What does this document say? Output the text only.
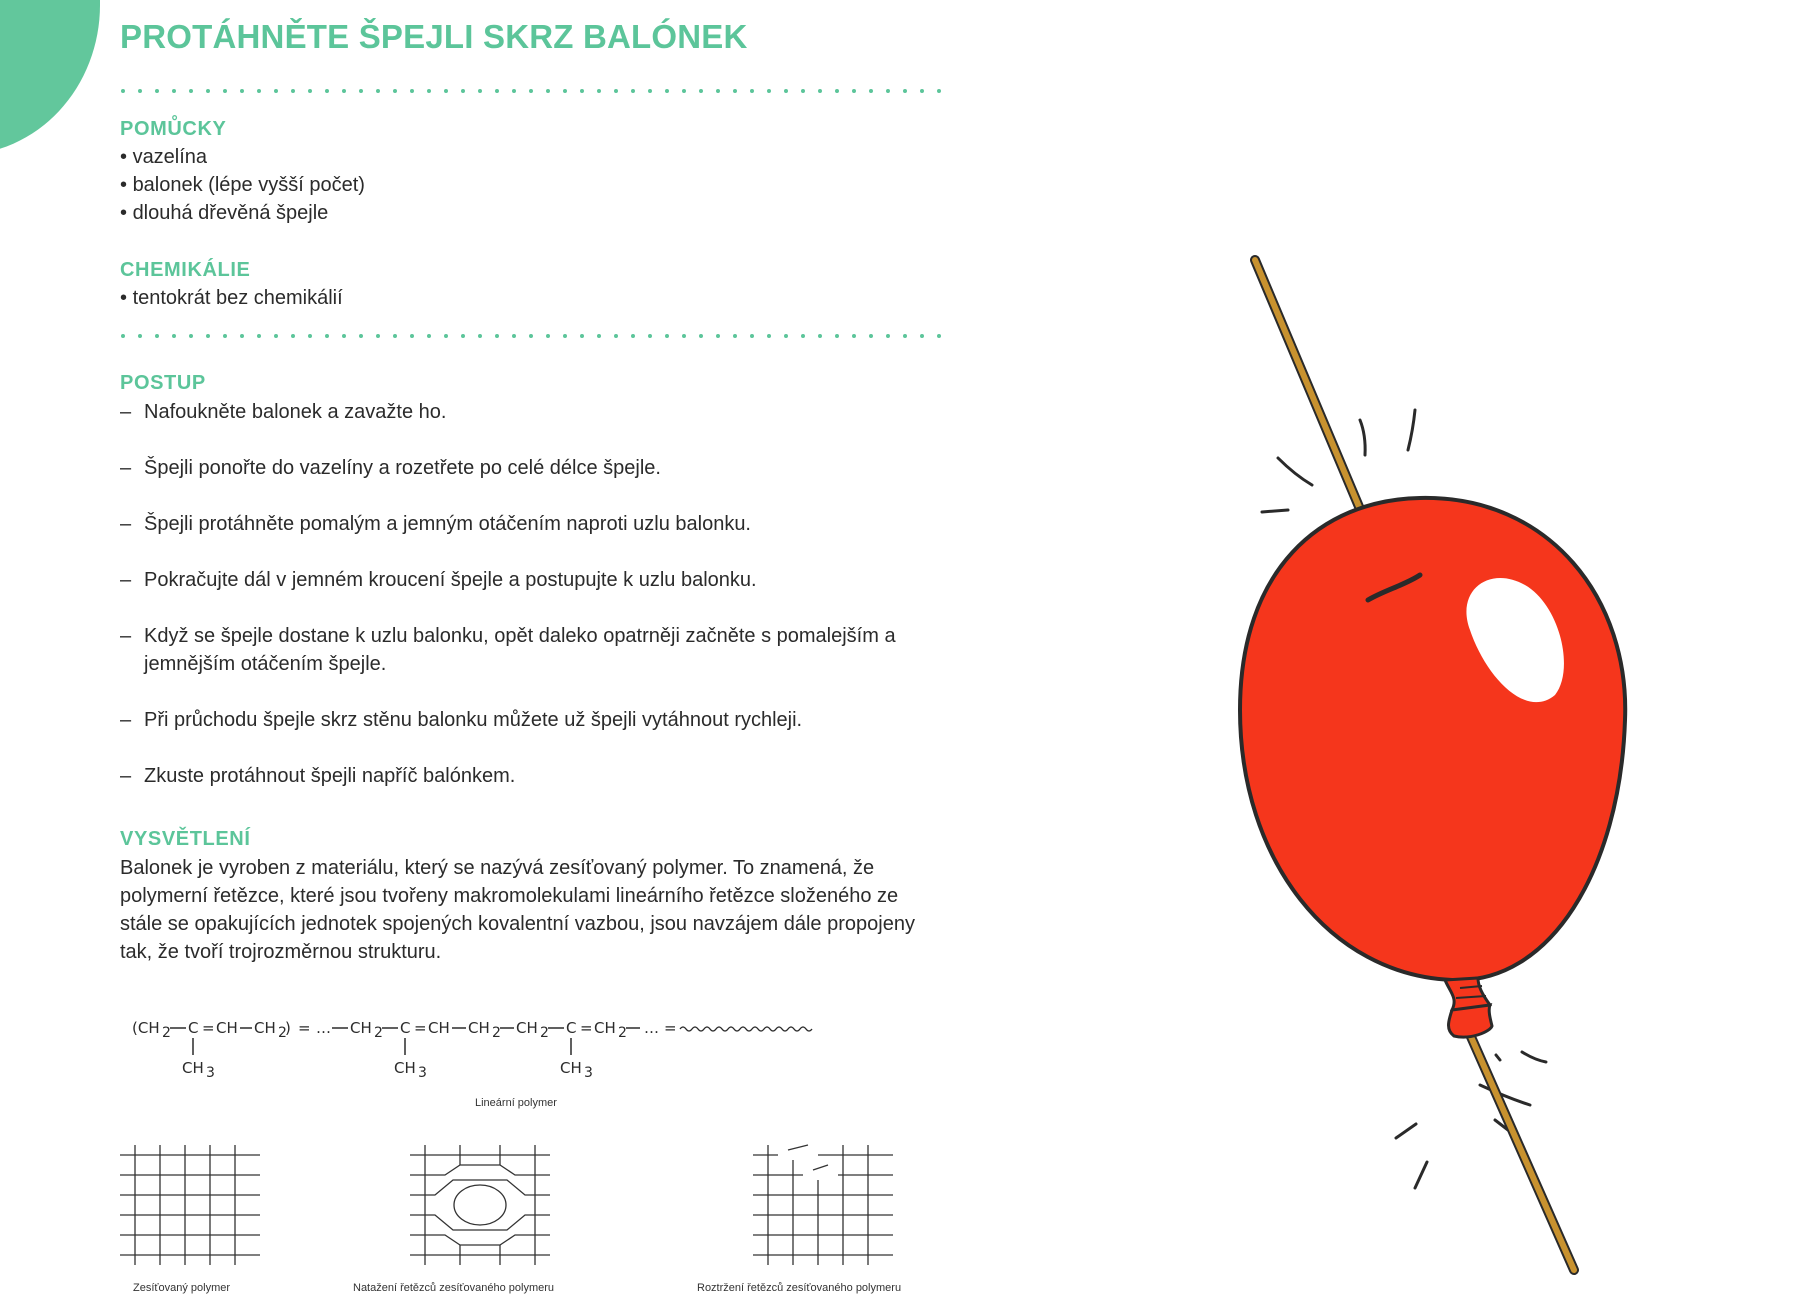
PROTÁHNĚTE ŠPEJLI SKRZ BALÓNEK
POMŮCKY
• vazelína
• balonek (lépe vyšší počet)
• dlouhá dřevěná špejle
CHEMIKÁLIE
• tentokrát bez chemikálií
POSTUP
– Nafoukněte balonek a zavažte ho.
– Špejli ponořte do vazelíny a rozetřete po celé délce špejle.
– Špejli protáhněte pomalým a jemným otáčením naproti uzlu balonku.
– Pokračujte dál v jemném kroucení špejle a postupujte k uzlu balonku.
– Když se špejle dostane k uzlu balonku, opět daleko opatrněji začněte s pomalejším a jemnějším otáčením špejle.
– Při průchodu špejle skrz stěnu balonku můžete už špejli vytáhnout rychleji.
– Zkuste protáhnout špejli napříč balónkem.
VYSVĚTLENÍ

Balonek je vyroben z materiálu, který se nazývá zesíťovaný polymer. To znamená, že polymerní řetězce, které jsou tvořeny makromolekulami lineárního řetězce složeného ze stále se opakujících jednotek spojených kovalentní vazbou, jsou navzájem dále propojeny tak, že tvoří trojrozměrnou strukturu.

(CH 2 C = CH CH 2
) =
CH 3
… CH 2 C = CH CH 2 CH 2
CH 3
C = CH 2 … =
CH 3
Lineární polymer
Zesíťovaný polymer	Natažení řetězců zesíťovaného polymeru	Roztržení řetězců zesíťovaného polymeru
